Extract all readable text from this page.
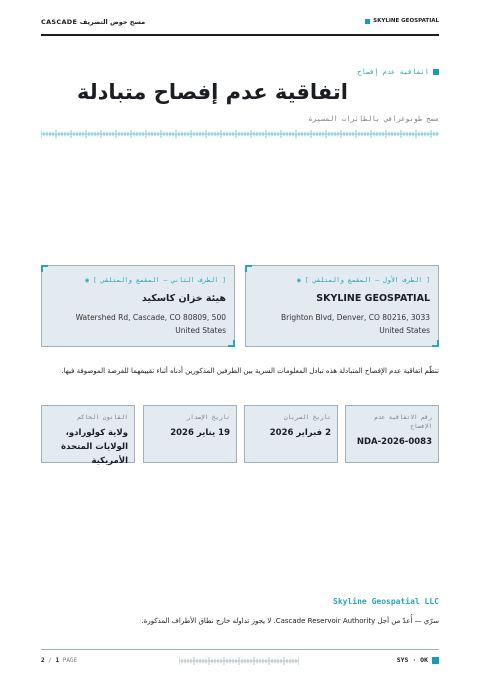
CASCADE مسح حوض التصريف	SKYLINE GEOSPATIAL
اتفاقية عدم إفصاح
اتفاقية عدم إفصاح متبادلة
مسح طوبوغرافي بالطائرات المسيرة
[ الطرف الأول — المقمع والمتلقي ] ◉
SKYLINE GEOSPATIAL
Brighton Blvd, Denver, CO 80216, 3033
United States
[ الطرف الثاني — المقمع والمتلقي ] ◉
هيئة خزان كاسكيد
Watershed Rd, Cascade, CO 80809, 500
United States
تنظّم اتفاقية عدم الإفصاح المتبادلة هذه تبادل المعلومات السرية بين الطرفين المذكورين أدناه أثناء تقييمهما للفرصة الموصوفة فيها.
رقم الاتفاقية عدم الإفصاح
NDA-2026-0083
تاريخ السريان
2 فبراير 2026
تاريخ الإصدار
19 يناير 2026
القانون الحاكم
ولاية كولورادو، الولايات المتحدة الأمريكية
Skyline Geospatial LLC
سرّي — أُعدّ من أجل Cascade Reservoir Authority. لا يجوز تداوله خارج نطاق الأطراف المذكورة.
2 / 1 PAGE	SYS · OK
